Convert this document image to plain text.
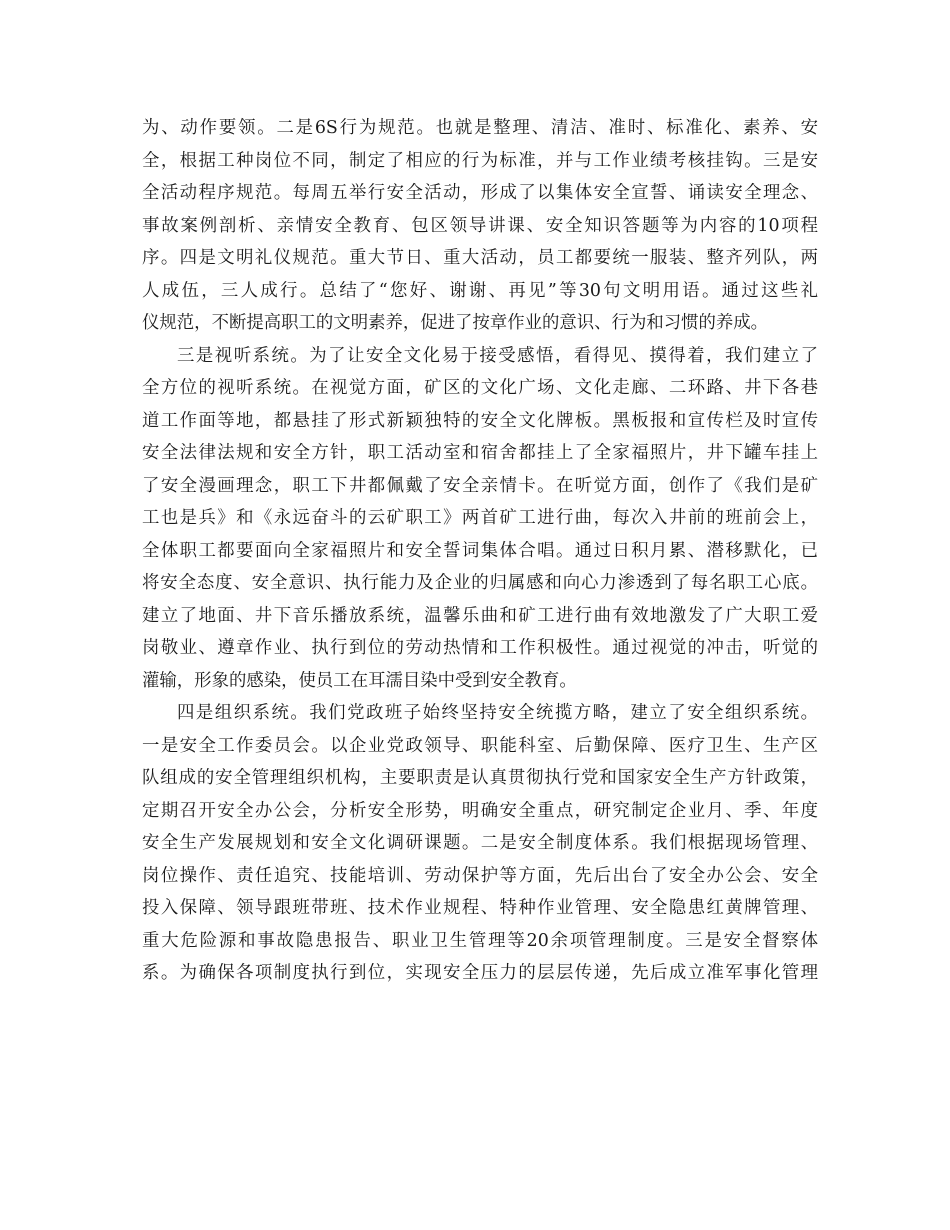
为、动作要领。二是6S行为规范。也就是整理、清洁、准时、标准化、素养、安
全，根据工种岗位不同，制定了相应的行为标准，并与工作业绩考核挂钩。三是安
全活动程序规范。每周五举行安全活动，形成了以集体安全宣誓、诵读安全理念、
事故案例剖析、亲情安全教育、包区领导讲课、安全知识答题等为内容的10项程
序。四是文明礼仪规范。重大节日、重大活动，员工都要统一服装、整齐列队，两
人成伍，三人成行。总结了“您好、谢谢、再见”等30句文明用语。通过这些礼
仪规范，不断提高职工的文明素养，促进了按章作业的意识、行为和习惯的养成。
三是视听系统。为了让安全文化易于接受感悟，看得见、摸得着，我们建立了
全方位的视听系统。在视觉方面，矿区的文化广场、文化走廊、二环路、井下各巷
道工作面等地，都悬挂了形式新颖独特的安全文化牌板。黑板报和宣传栏及时宣传
安全法律法规和安全方针，职工活动室和宿舍都挂上了全家福照片，井下罐车挂上
了安全漫画理念，职工下井都佩戴了安全亲情卡。在听觉方面，创作了《我们是矿
工也是兵》和《永远奋斗的云矿职工》两首矿工进行曲，每次入井前的班前会上，
全体职工都要面向全家福照片和安全誓词集体合唱。通过日积月累、潜移默化，已
将安全态度、安全意识、执行能力及企业的归属感和向心力渗透到了每名职工心底。
建立了地面、井下音乐播放系统，温馨乐曲和矿工进行曲有效地激发了广大职工爱
岗敬业、遵章作业、执行到位的劳动热情和工作积极性。通过视觉的冲击，听觉的
灌输，形象的感染，使员工在耳濡目染中受到安全教育。
四是组织系统。我们党政班子始终坚持安全统揽方略，建立了安全组织系统。
一是安全工作委员会。以企业党政领导、职能科室、后勤保障、医疗卫生、生产区
队组成的安全管理组织机构，主要职责是认真贯彻执行党和国家安全生产方针政策，
定期召开安全办公会，分析安全形势，明确安全重点，研究制定企业月、季、年度
安全生产发展规划和安全文化调研课题。二是安全制度体系。我们根据现场管理、
岗位操作、责任追究、技能培训、劳动保护等方面，先后出台了安全办公会、安全
投入保障、领导跟班带班、技术作业规程、特种作业管理、安全隐患红黄牌管理、
重大危险源和事故隐患报告、职业卫生管理等20余项管理制度。三是安全督察体
系。为确保各项制度执行到位，实现安全压力的层层传递，先后成立准军事化管理
